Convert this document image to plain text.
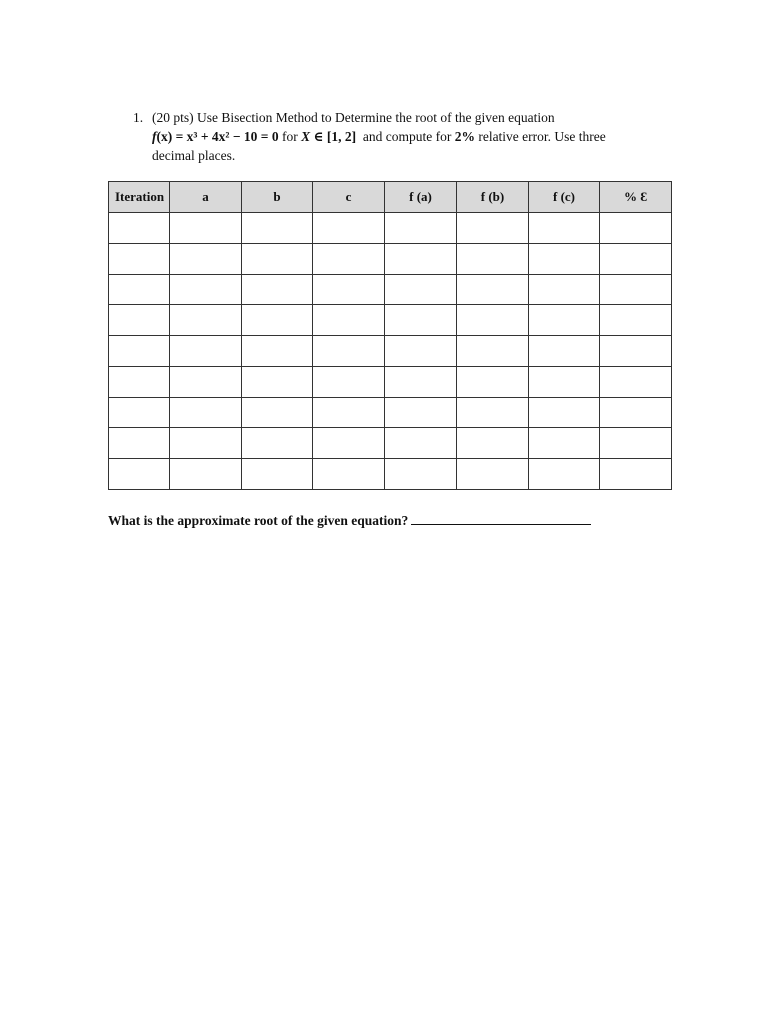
1. (20 pts) Use Bisection Method to Determine the root of the given equation
f(x) = x³ + 4x² − 10 = 0 for X ∈ [1, 2] and compute for 2% relative error. Use three
decimal places.
Iteration	a	b	c	f (a)	f (b)	f (c)	% Ɛ

What is the approximate root of the given equation?
